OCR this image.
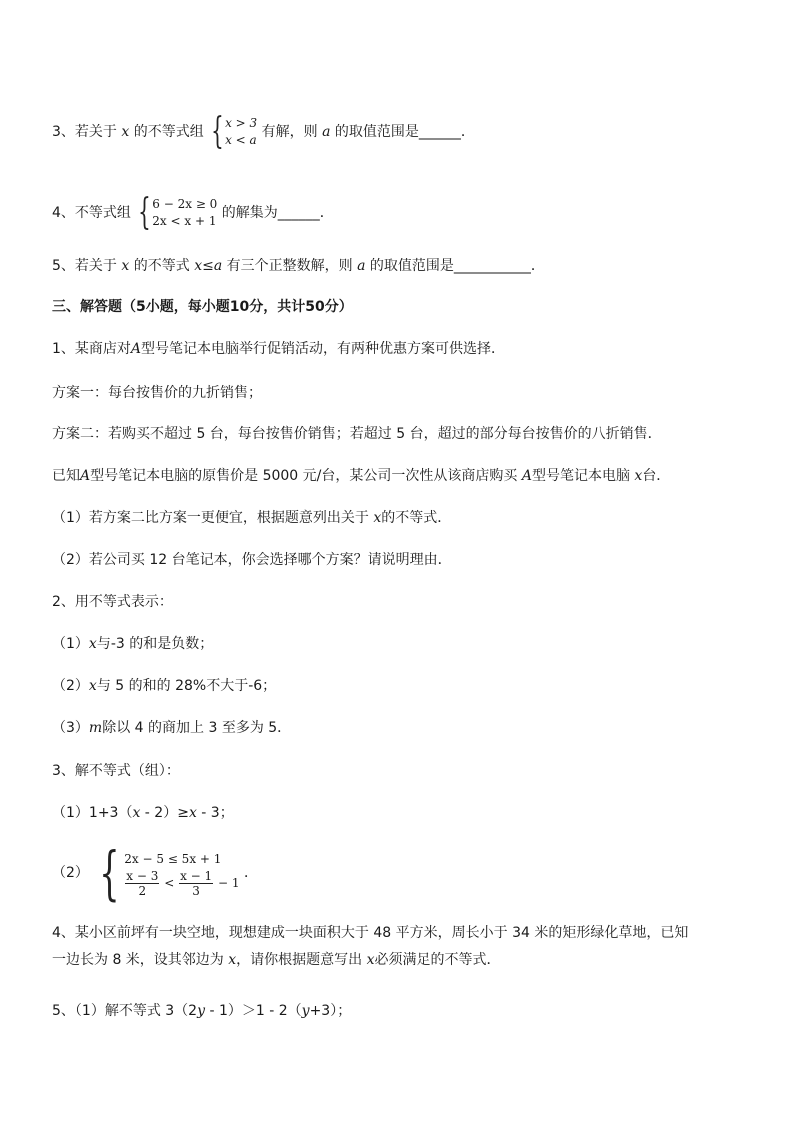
3、若关于 x 的不等式组 { x > 3
x < a 有解，则 a 的取值范围是______．
4、不等式组 { 6 − 2x ≥ 0
2x < x + 1 的解集为______．
5、若关于 x 的不等式 x≤a 有三个正整数解，则 a 的取值范围是___________．
三、解答题（5小题，每小题10分，共计50分）
1、某商店对A型号笔记本电脑举行促销活动，有两种优惠方案可供选择．
方案一：每台按售价的九折销售；
方案二：若购买不超过 5 台，每台按售价销售；若超过 5 台，超过的部分每台按售价的八折销售．
已知A型号笔记本电脑的原售价是 5000 元/台，某公司一次性从该商店购买 A型号笔记本电脑 x台．
（1）若方案二比方案一更便宜，根据题意列出关于 x的不等式．
（2）若公司买 12 台笔记本，你会选择哪个方案？请说明理由．
2、用不等式表示：
（1）x与-3 的和是负数；
（2）x与 5 的和的 28%不大于-6；
（3）m除以 4 的商加上 3 至多为 5．
3、解不等式（组）：
（1）1+3（x - 2）≥x - 3；
（2） { 2x − 5 ≤ 5x + 1
$\frac{x - 3}{2} < \frac{x - 1}{3} - 1$
．
4、某小区前坪有一块空地，现想建成一块面积大于 48 平方米，周长小于 34 米的矩形绿化草地，已知
一边长为 8 米，设其邻边为 x，请你根据题意写出 x必须满足的不等式．
5、（1）解不等式 3（2y - 1）＞1 - 2（y+3）；
